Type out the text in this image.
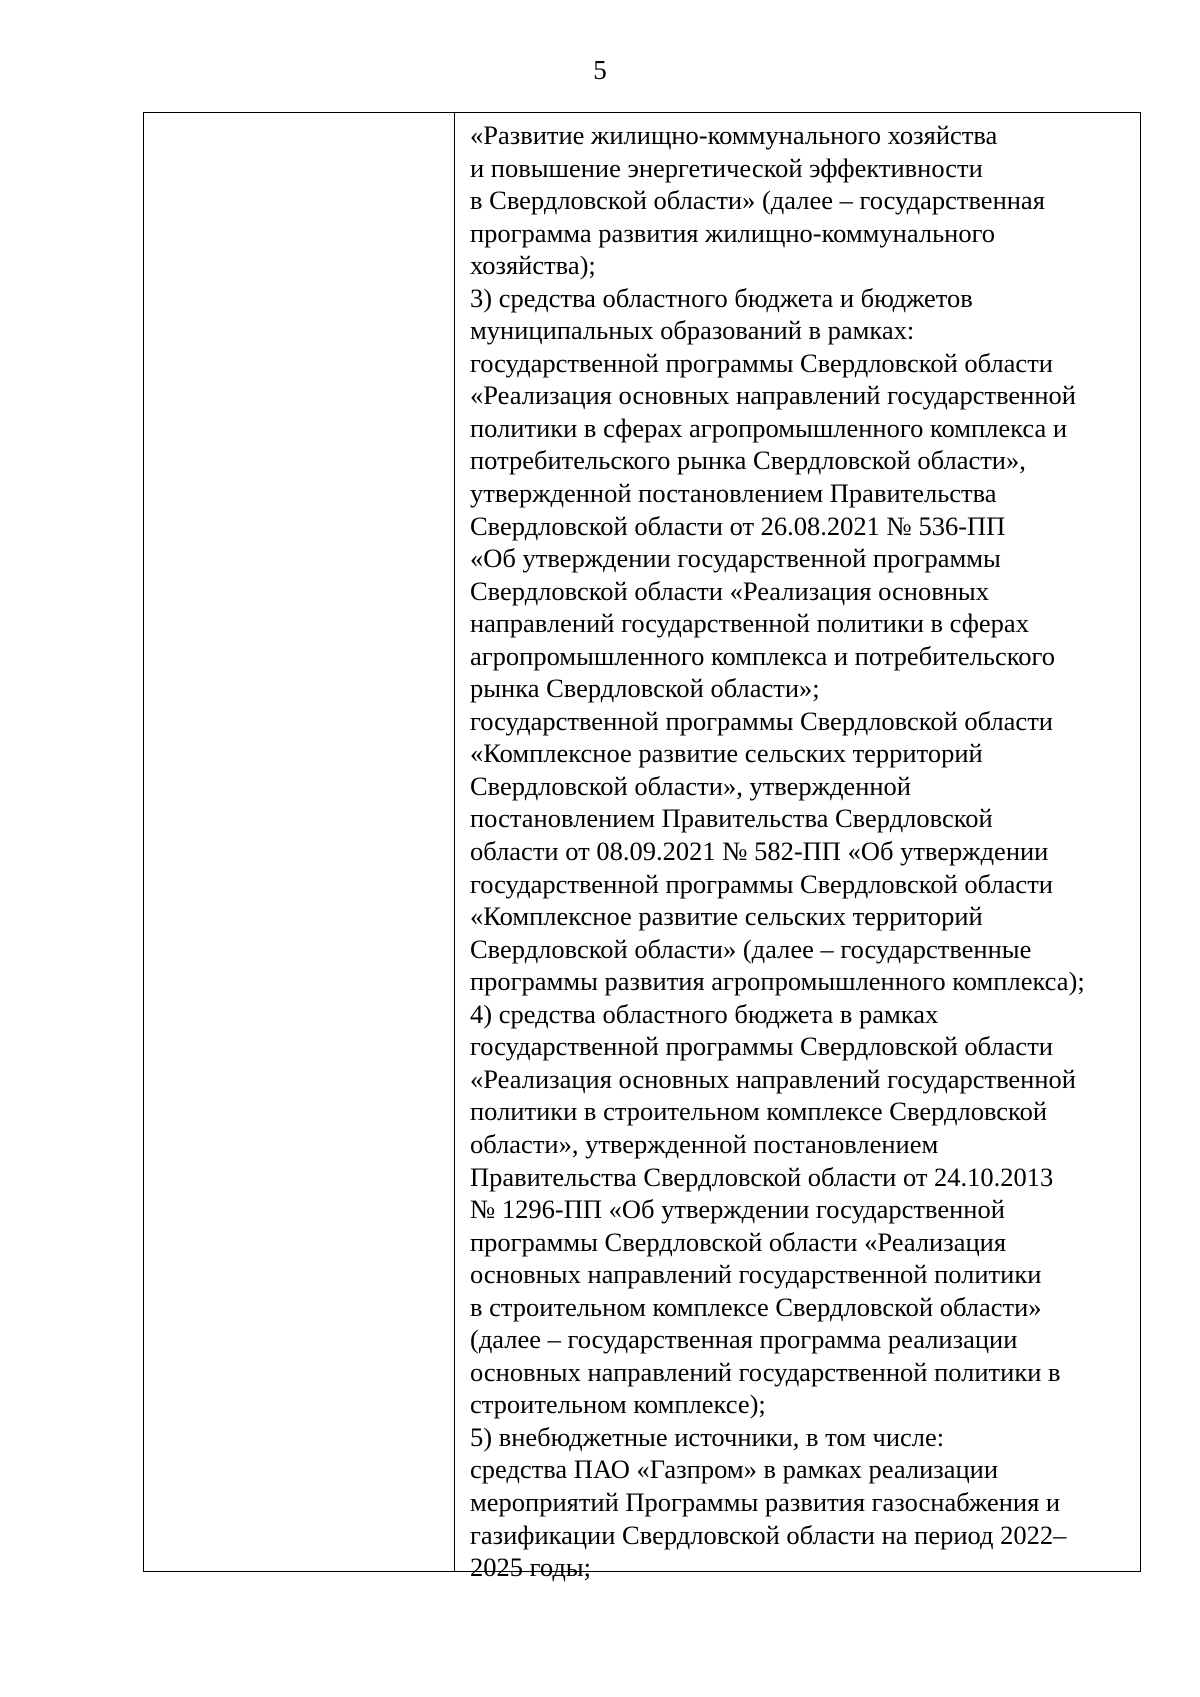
5
«Развитие жилищно-коммунального хозяйства
и повышение энергетической эффективности
в Свердловской области» (далее – государственная
программа развития жилищно-коммунального
хозяйства);
3) средства областного бюджета и бюджетов
муниципальных образований в рамках:
государственной программы Свердловской области
«Реализация основных направлений государственной
политики в сферах агропромышленного комплекса и
потребительского рынка Свердловской области»,
утвержденной постановлением Правительства
Свердловской области от 26.08.2021 № 536-ПП
«Об утверждении государственной программы
Свердловской области «Реализация основных
направлений государственной политики в сферах
агропромышленного комплекса и потребительского
рынка Свердловской области»;
государственной программы Свердловской области
«Комплексное развитие сельских территорий
Свердловской области», утвержденной
постановлением Правительства Свердловской
области от 08.09.2021 № 582-ПП «Об утверждении
государственной программы Свердловской области
«Комплексное развитие сельских территорий
Свердловской области» (далее – государственные
программы развития агропромышленного комплекса);
4) средства областного бюджета в рамках
государственной программы Свердловской области
«Реализация основных направлений государственной
политики в строительном комплексе Свердловской
области», утвержденной постановлением
Правительства Свердловской области от 24.10.2013
№ 1296-ПП «Об утверждении государственной
программы Свердловской области «Реализация
основных направлений государственной политики
в строительном комплексе Свердловской области»
(далее – государственная программа реализации
основных направлений государственной политики в
строительном комплексе);
5) внебюджетные источники, в том числе:
средства ПАО «Газпром» в рамках реализации
мероприятий Программы развития газоснабжения и
газификации Свердловской области на период 2022–
2025 годы;
